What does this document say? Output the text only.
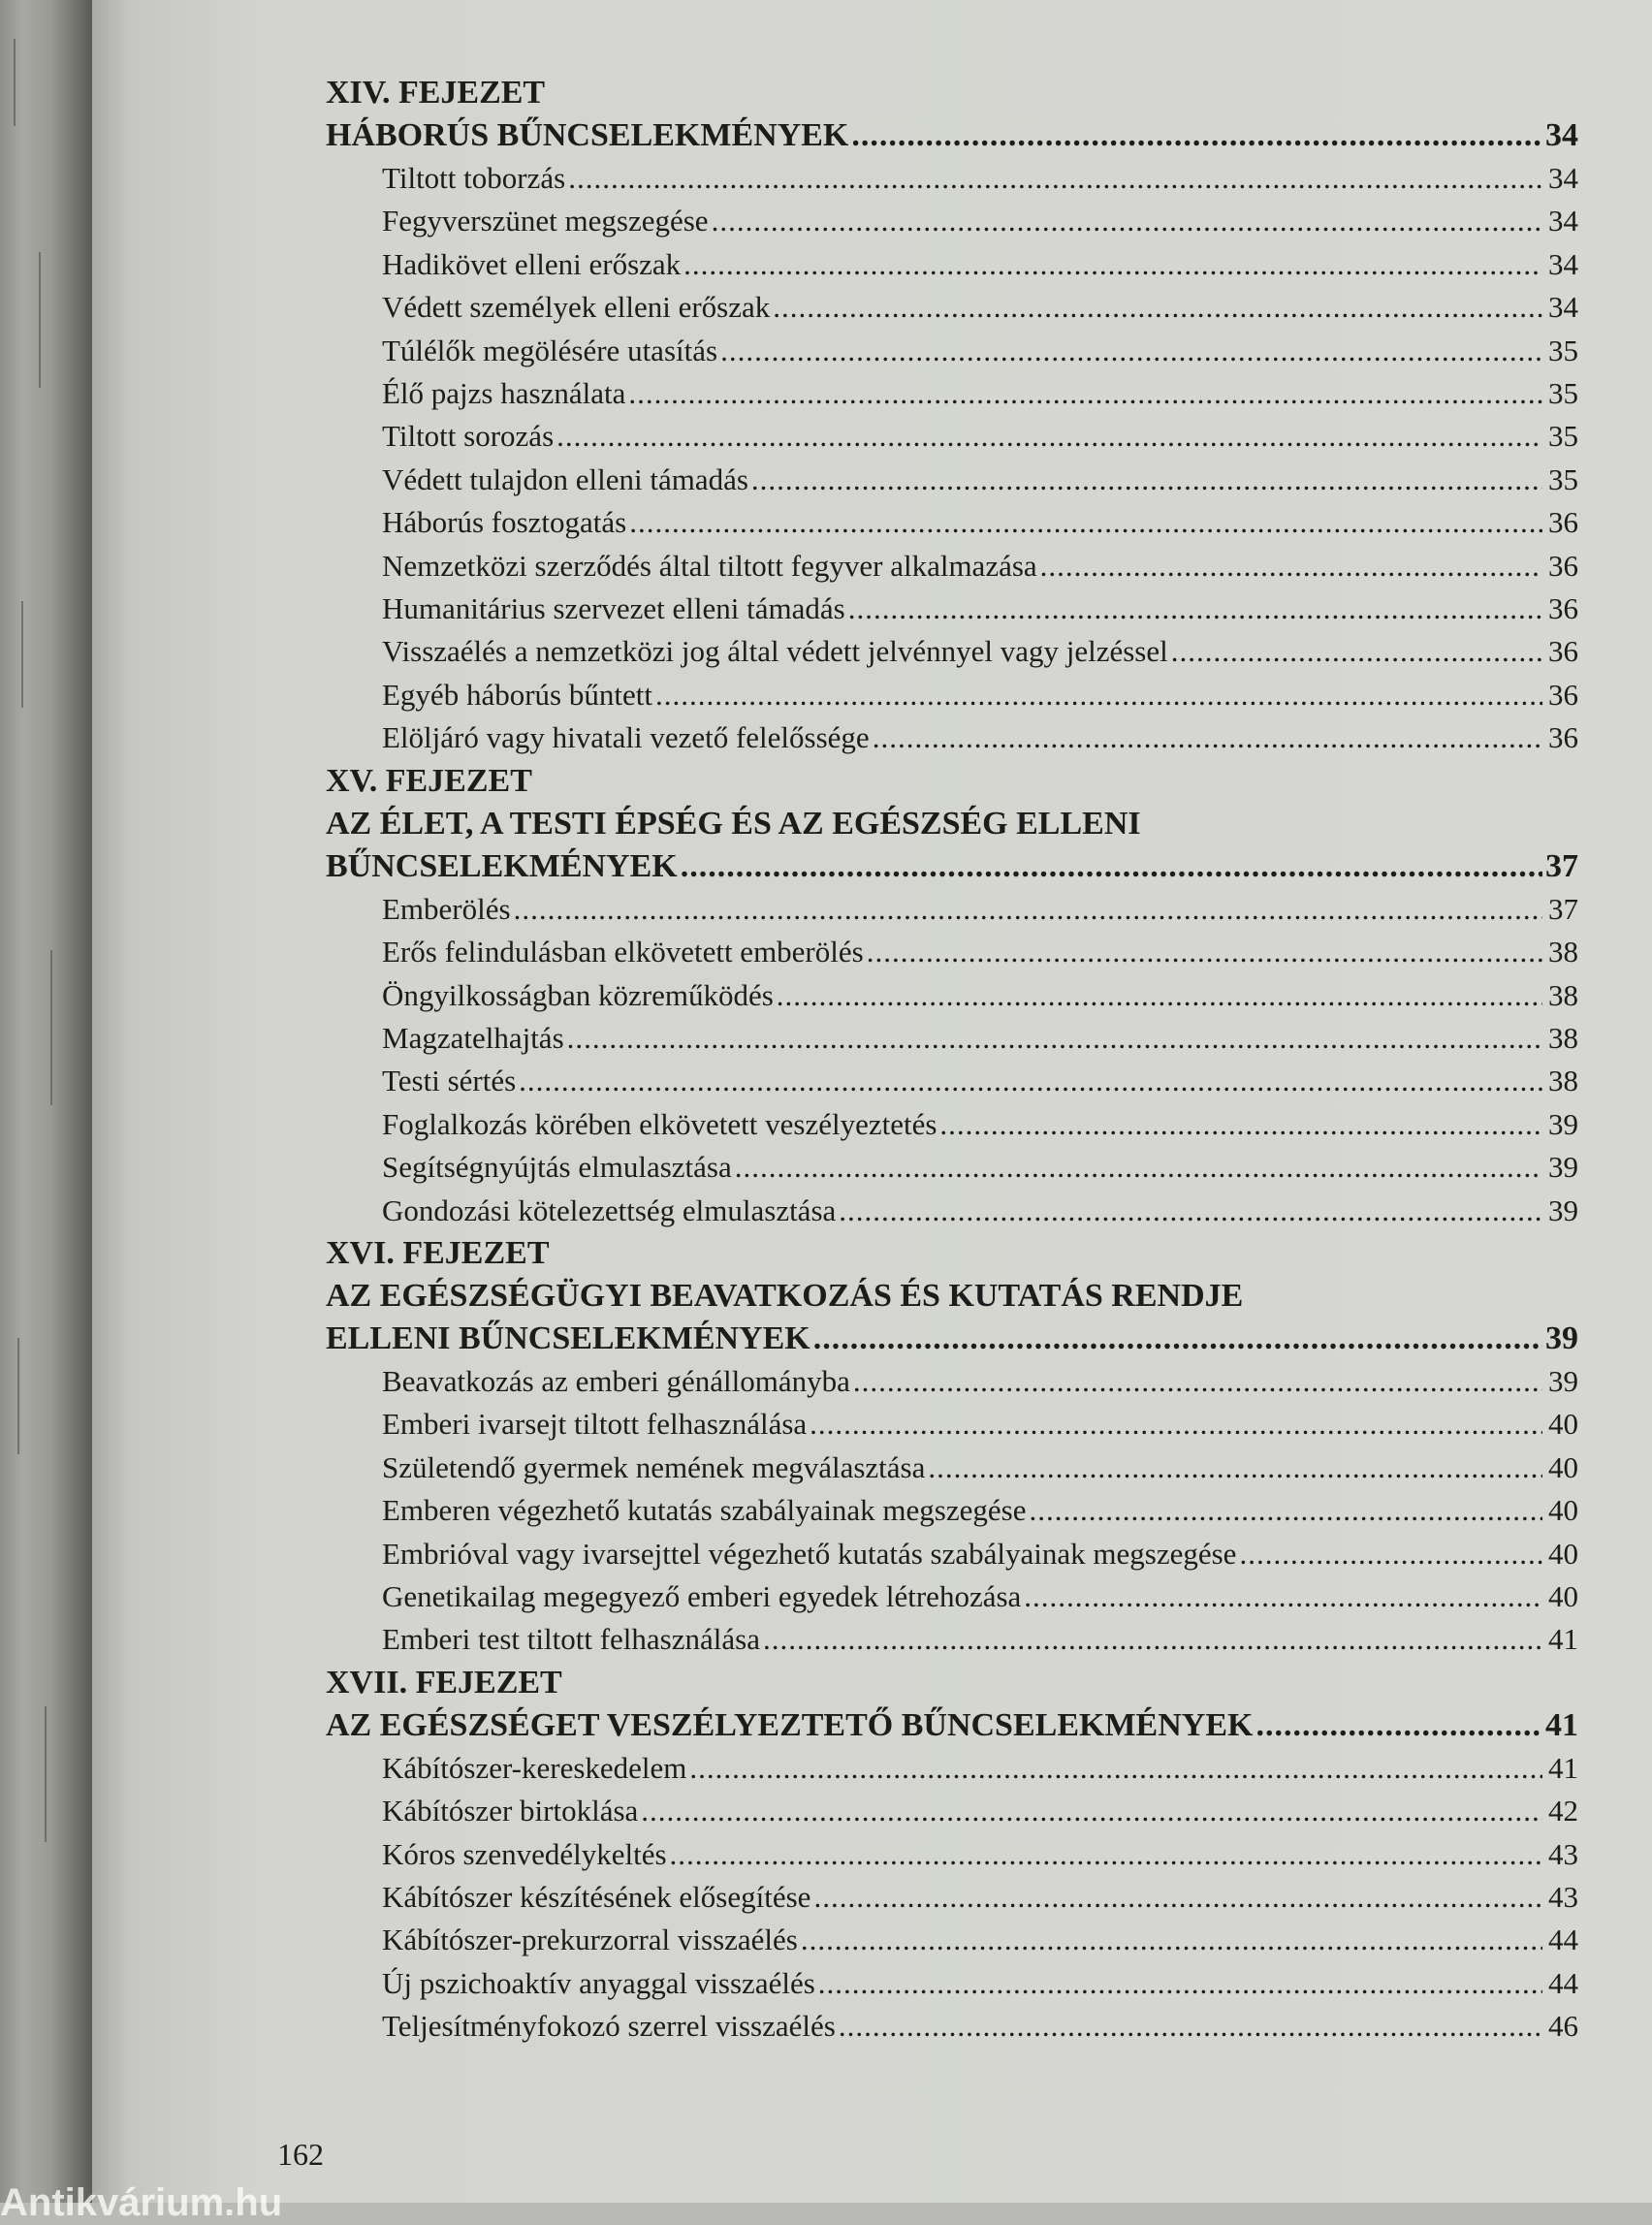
XIV. FEJEZET
HÁBORÚS BŰNCSELEKMÉNYEK .....	34
Tiltott toborzás .....	34
Fegyverszünet megszegése .....	34
Hadikövet elleni erőszak .....	34
Védett személyek elleni erőszak .....	34
Túlélők megölésére utasítás .....	35
Élő pajzs használata .....	35
Tiltott sorozás .....	35
Védett tulajdon elleni támadás .....	35
Háborús fosztogatás .....	36
Nemzetközi szerződés által tiltott fegyver alkalmazása .....	36
Humanitárius szervezet elleni támadás .....	36
Visszaélés a nemzetközi jog által védett jelvénnyel vagy jelzéssel .....	36
Egyéb háborús bűntett .....	36
Elöljáró vagy hivatali vezető felelőssége .....	36
XV. FEJEZET
AZ ÉLET, A TESTI ÉPSÉG ÉS AZ EGÉSZSÉG ELLENI
BŰNCSELEKMÉNYEK .....	37
Emberölés .....	37
Erős felindulásban elkövetett emberölés .....	38
Öngyilkosságban közreműködés .....	38
Magzatelhajtás .....	38
Testi sértés .....	38
Foglalkozás körében elkövetett veszélyeztetés .....	39
Segítségnyújtás elmulasztása .....	39
Gondozási kötelezettség elmulasztása .....	39
XVI. FEJEZET
AZ EGÉSZSÉGÜGYI BEAVATKOZÁS ÉS KUTATÁS RENDJE
ELLENI BŰNCSELEKMÉNYEK .....	39
Beavatkozás az emberi génállományba .....	39
Emberi ivarsejt tiltott felhasználása .....	40
Születendő gyermek nemének megválasztása .....	40
Emberen végezhető kutatás szabályainak megszegése .....	40
Embrióval vagy ivarsejttel végezhető kutatás szabályainak megszegése .....	40
Genetikailag megegyező emberi egyedek létrehozása .....	40
Emberi test tiltott felhasználása .....	41
XVII. FEJEZET
AZ EGÉSZSÉGET VESZÉLYEZTETŐ BŰNCSELEKMÉNYEK .....	41
Kábítószer-kereskedelem .....	41
Kábítószer birtoklása .....	42
Kóros szenvedélykeltés .....	43
Kábítószer készítésének elősegítése .....	43
Kábítószer-prekurzorral visszaélés .....	44
Új pszichoaktív anyaggal visszaélés .....	44
Teljesítményfokozó szerrel visszaélés .....	46
162
Antikvárium.hu
